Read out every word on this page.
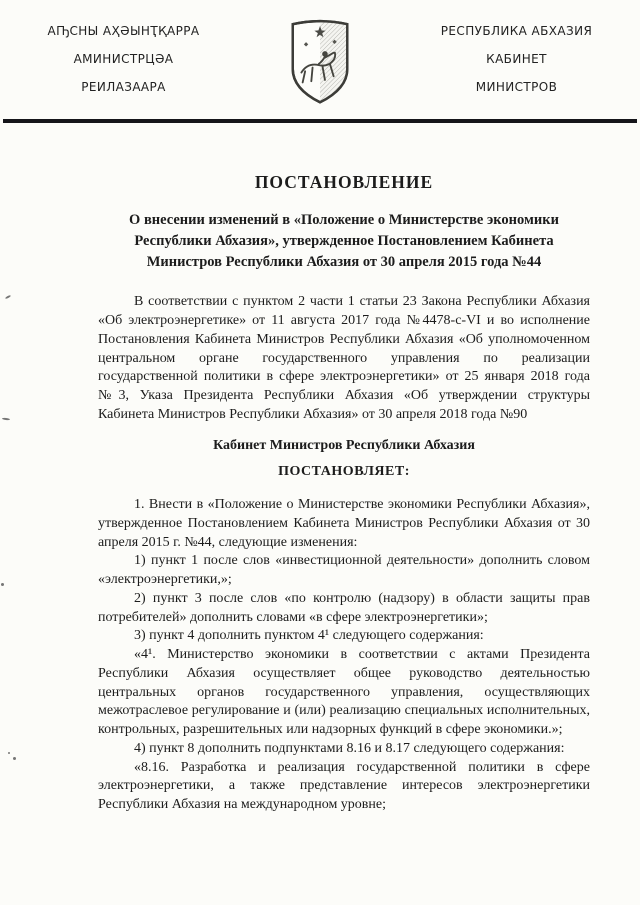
АҦСНЫ АҲӘЫНҬҚАРРА
АМИНИСТРЦӘА
РЕИЛАЗААРА
РЕСПУБЛИКА АБХАЗИЯ
КАБИНЕТ
МИНИСТРОВ
ПОСТАНОВЛЕНИЕ
О внесении изменений в «Положение о Министерстве экономики Республики Абхазия», утвержденное Постановлением Кабинета Министров Республики Абхазия от 30 апреля 2015 года №44

В соответствии с пунктом 2 части 1 статьи 23 Закона Республики Абхазия «Об электроэнергетике» от 11 августа 2017 года №4478-с-VI и во исполнение Постановления Кабинета Министров Республики Абхазия «Об уполномоченном центральном органе государственного управления по реализации государственной политики в сфере электроэнергетики» от 25 января 2018 года №3, Указа Президента Республики Абхазия «Об утверждении структуры Кабинета Министров Республики Абхазия» от 30 апреля 2018 года №90

Кабинет Министров Республики Абхазия

ПОСТАНОВЛЯЕТ:

1. Внести в «Положение о Министерстве экономики Республики Абхазия», утвержденное Постановлением Кабинета Министров Республики Абхазия от 30 апреля 2015 г. №44, следующие изменения:

1) пункт 1 после слов «инвестиционной деятельности» дополнить словом «электроэнергетики,»;

2) пункт 3 после слов «по контролю (надзору) в области защиты прав потребителей» дополнить словами «в сфере электроэнергетики»;

3) пункт 4 дополнить пунктом 4¹ следующего содержания:

«4¹. Министерство экономики в соответствии с актами Президента Республики Абхазия осуществляет общее руководство деятельностью центральных органов государственного управления, осуществляющих межотраслевое регулирование и (или) реализацию специальных исполнительных, контрольных, разрешительных или надзорных функций в сфере экономики.»;

4) пункт 8 дополнить подпунктами 8.16 и 8.17 следующего содержания:

«8.16. Разработка и реализация государственной политики в сфере электроэнергетики, а также представление интересов электроэнергетики Республики Абхазия на международном уровне;
